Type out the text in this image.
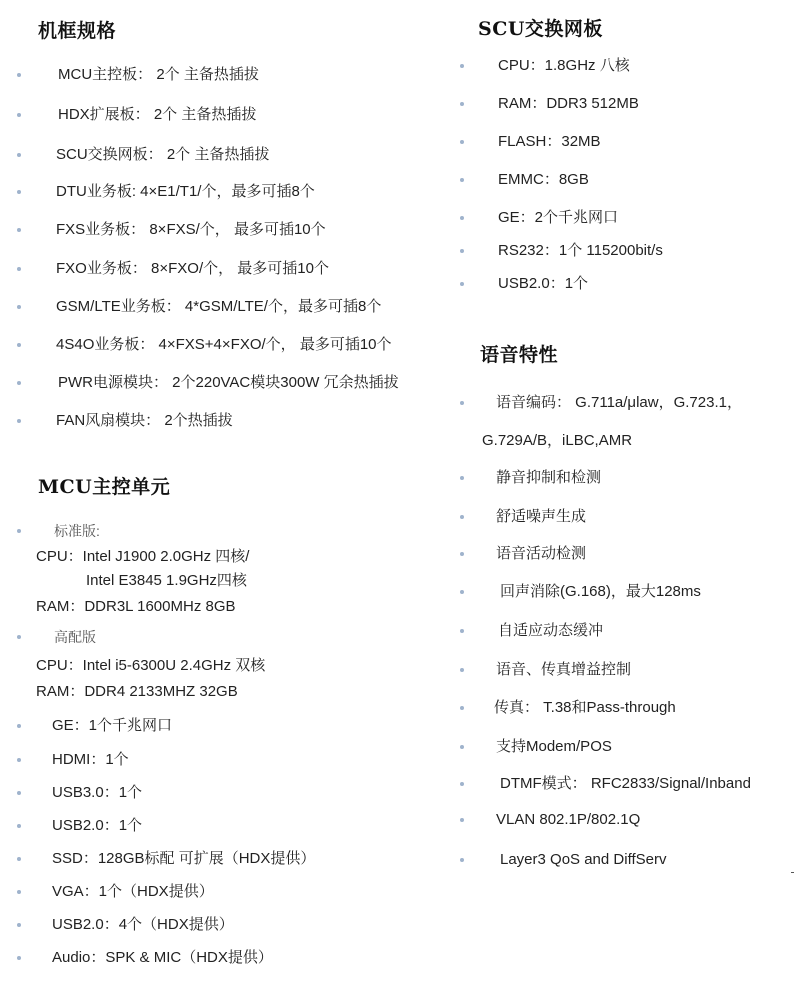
机框规格
MCU主控板： 2个 主备热插拔
HDX扩展板： 2个 主备热插拔
SCU交换网板： 2个 主备热插拔
DTU业务板: 4×E1/T1/个，最多可插8个
FXS业务板： 8×FXS/个， 最多可插10个
FXO业务板： 8×FXO/个， 最多可插10个
GSM/LTE业务板： 4*GSM/LTE/个，最多可插8个
4S4O业务板： 4×FXS+4×FXO/个， 最多可插10个
PWR电源模块： 2个220VAC模块300W 冗余热插拔
FAN风扇模块： 2个热插拔
MCU主控单元
标准版:
CPU：Intel J1900 2.0GHz 四核/
Intel E3845 1.9GHz四核
RAM：DDR3L 1600MHz 8GB
高配版
CPU：Intel i5-6300U 2.4GHz 双核
RAM：DDR4 2133MHZ 32GB
GE：1个千兆网口
HDMI：1个
USB3.0：1个
USB2.0：1个
SSD：128GB标配 可扩展（HDX提供）
VGA：1个（HDX提供）
USB2.0：4个（HDX提供）
Audio：SPK & MIC（HDX提供）
SCU交换网板
CPU：1.8GHz 八核
RAM：DDR3 512MB
FLASH：32MB
EMMC：8GB
GE：2个千兆网口
RS232：1个 115200bit/s
USB2.0：1个
语音特性
语音编码： G.711a/μlaw，G.723.1，
G.729A/B，iLBC,AMR
静音抑制和检测
舒适噪声生成
语音活动检测
回声消除(G.168)，最大128ms
自适应动态缓冲
语音、传真增益控制
传真： T.38和Pass-through
支持Modem/POS
DTMF模式： RFC2833/Signal/Inband
VLAN 802.1P/802.1Q
Layer3 QoS and DiffServ
